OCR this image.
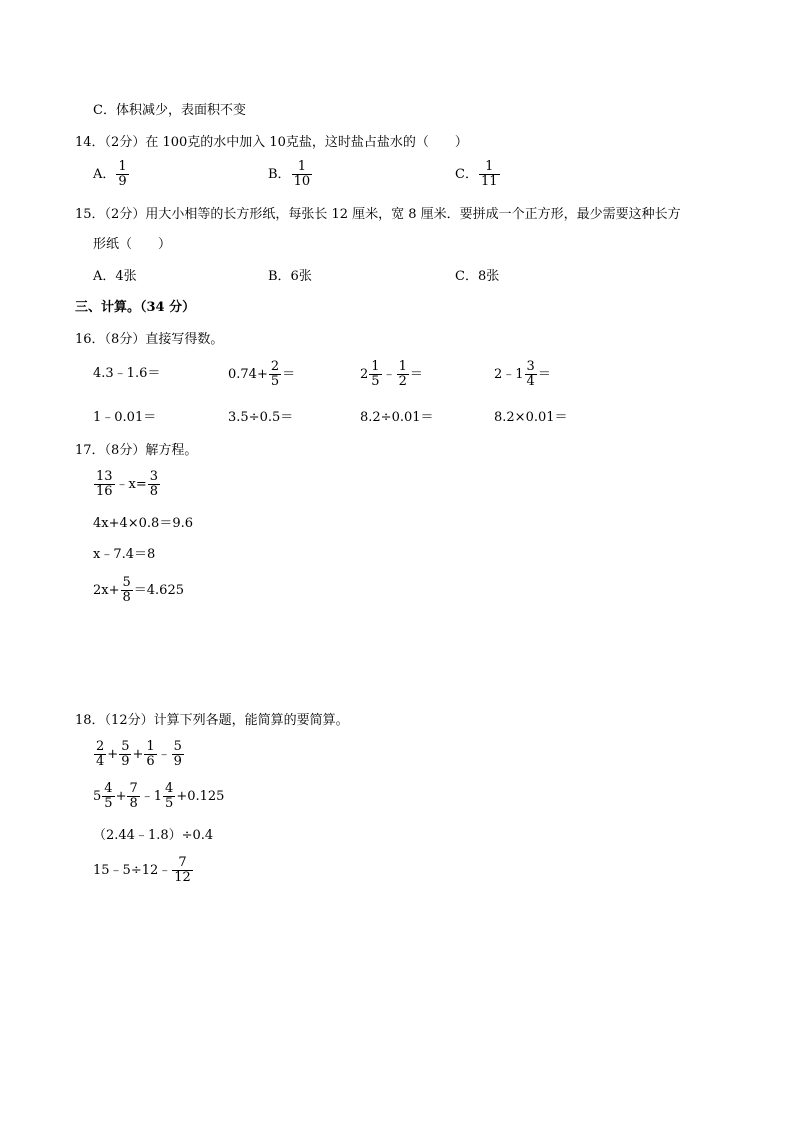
C．体积减少，表面积不变
14．（2分）在 100克的水中加入 10克盐，这时盐占盐水的（　　）
A． $\frac{1}{9}$	B． $\frac{1}{10}$	C． $\frac{1}{11}$
15．（2分）用大小相等的长方形纸，每张长 12 厘米，宽 8 厘米．要拼成一个正方形，最少需要这种长方
形纸（　　）
A．4张	B．6张	C．8张
三、计算。（34 分）
16．（8分）直接写得数。
4.3﹣1.6＝	$0.74+ \frac{2}{5}$ ＝	$2 \frac{1}{5}$ ﹣ $\frac{1}{2}$ ＝	2﹣1 $\frac{3}{4}$ ＝
1﹣0.01＝	3.5÷0.5＝	8.2÷0.01＝	8.2×0.01＝
17．（8分）解方程。
$\frac{13}{16}$ ﹣x= $\frac{3}{8}$
4x+4×0.8＝9.6
x﹣7.4＝8
$2x+ \frac{5}{8} =4.625$
18．（12分）计算下列各题，能简算的要简算。
$\frac{2}{4} + \frac{5}{9} + \frac{1}{6}$ ﹣ $\frac{5}{9}$
$5 \frac{4}{5} + \frac{7}{8}$ ﹣1 $\frac{4}{5} +0.125$
（2.44﹣1.8）÷0.4
15﹣5÷12﹣ $\frac{7}{12}$
